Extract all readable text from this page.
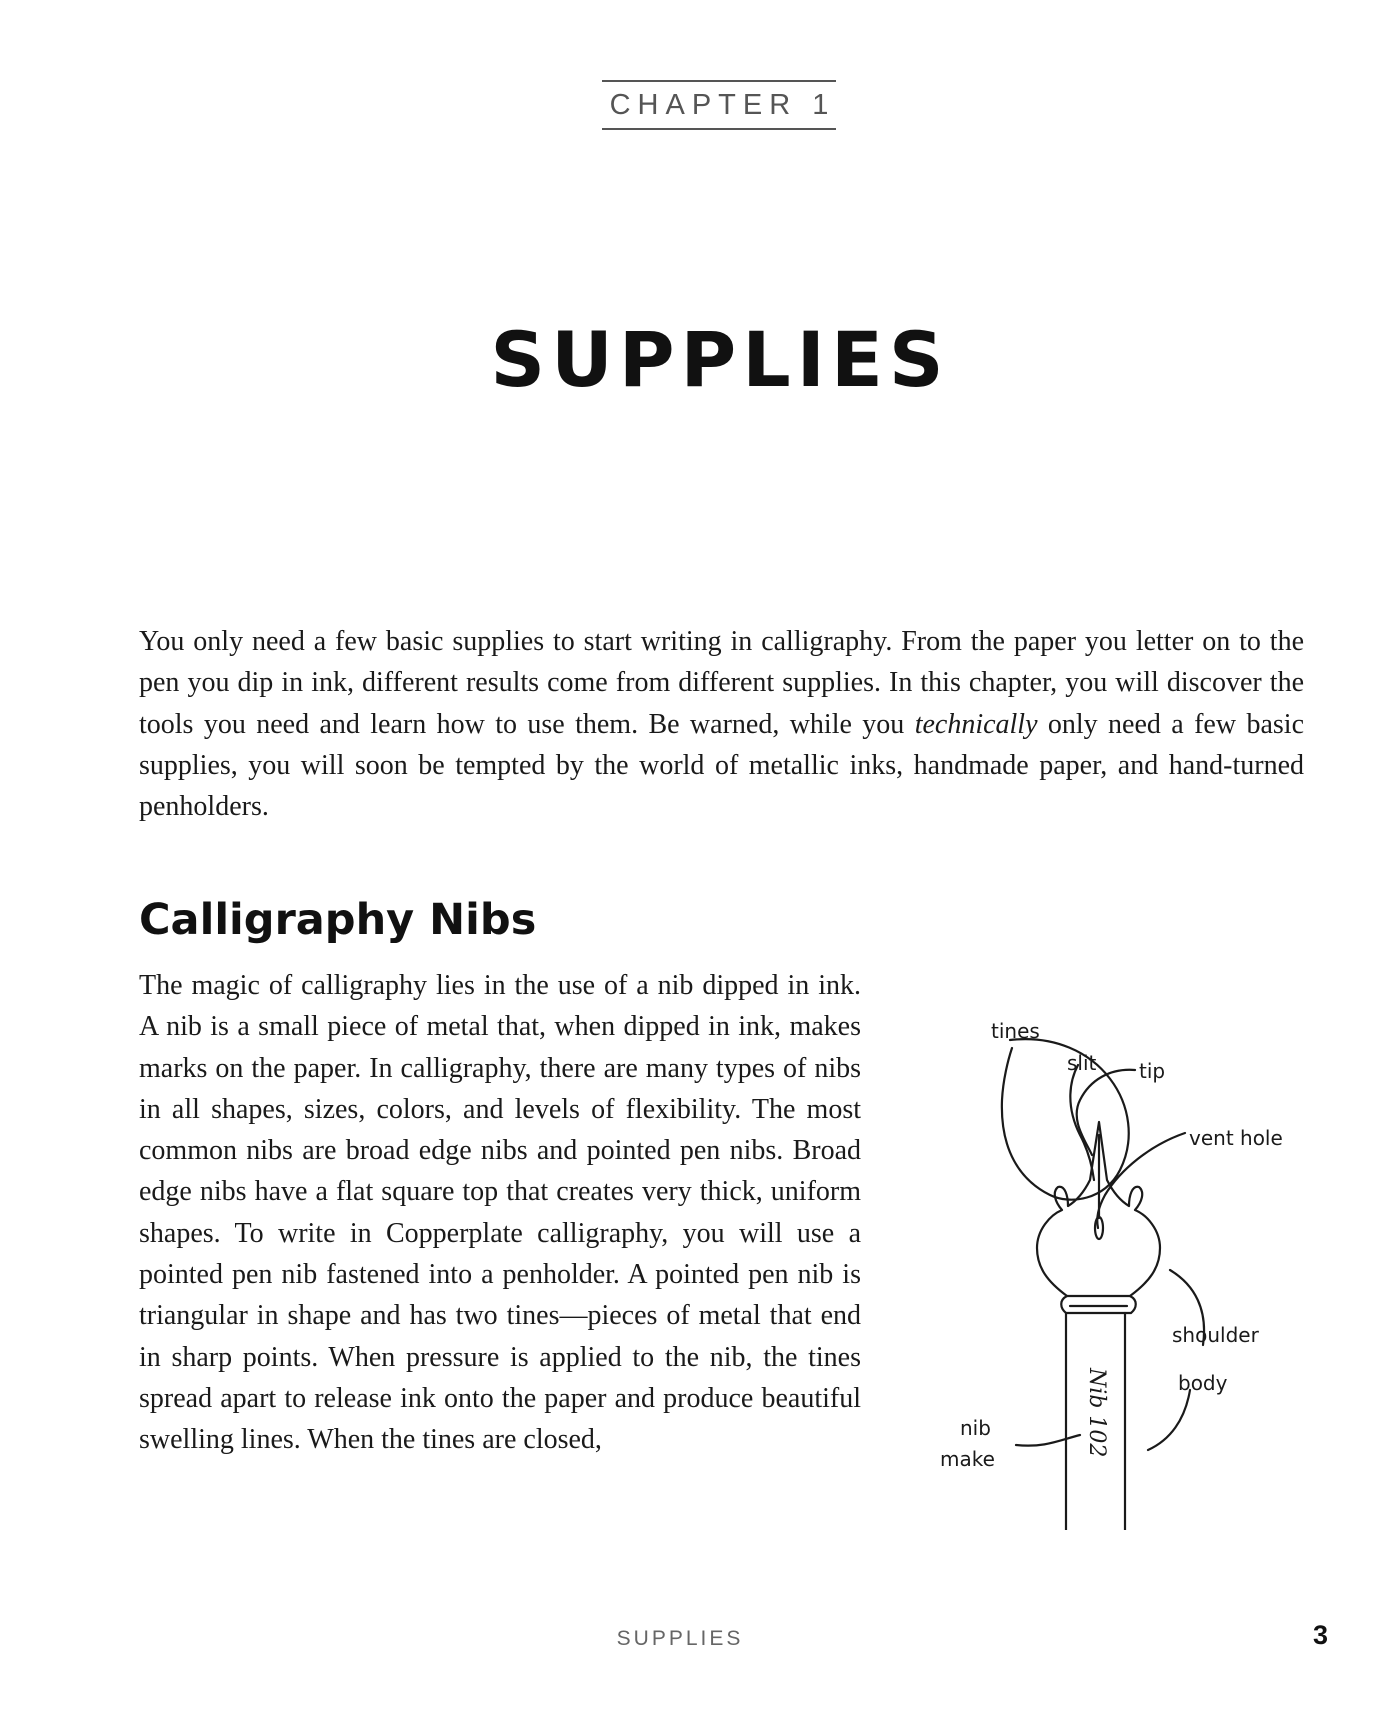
CHAPTER 1
SUPPLIES

You only need a few basic supplies to start writing in calligraphy. From the paper you letter on to the pen you dip in ink, different results come from different supplies. In this chapter, you will discover the tools you need and learn how to use them. Be warned, while you technically only need a few basic supplies, you will soon be tempted by the world of metallic inks, handmade paper, and hand-turned penholders.

Calligraphy Nibs

The magic of calligraphy lies in the use of a nib dipped in ink. A nib is a small piece of metal that, when dipped in ink, makes marks on the paper. In calligraphy, there are many types of nibs in all shapes, sizes, colors, and levels of flexibility. The most common nibs are broad edge nibs and pointed pen nibs. Broad edge nibs have a flat square top that creates very thick, uniform shapes. To write in Copperplate calligraphy, you will use a pointed pen nib fastened into a penholder. A pointed pen nib is triangular in shape and has two tines—pieces of metal that end in sharp points. When pressure is applied to the nib, the tines spread apart to release ink onto the paper and produce beautiful swelling lines. When the tines are closed,

tines
slit tip
vent hole
shoulder
body
nib
make
Nib 102
SUPPLIES	3
